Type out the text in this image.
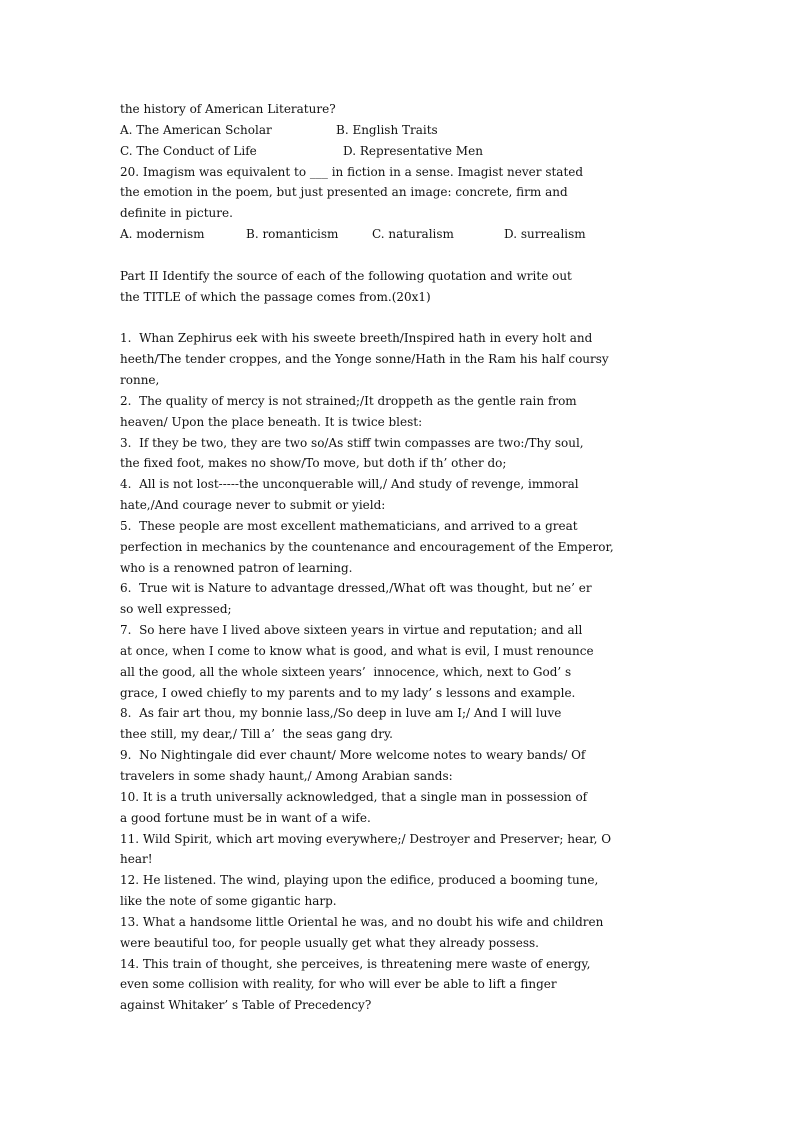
the history of American Literature?
A. The American Scholar	B. English Traits
C. The Conduct of Life	D. Representative Men
20. Imagism was equivalent to ___ in fiction in a sense. Imagist never stated
the emotion in the poem, but just presented an image: concrete, firm and
definite in picture.
A. modernism	B. romanticism	C. naturalism	D. surrealism
Part II Identify the source of each of the following quotation and write out
the TITLE of which the passage comes from.(20x1)
1.  Whan Zephirus eek with his sweete breeth/Inspired hath in every holt and
heeth/The tender croppes, and the Yonge sonne/Hath in the Ram his half coursy
ronne,
2.  The quality of mercy is not strained;/It droppeth as the gentle rain from
heaven/ Upon the place beneath. It is twice blest:
3.  If they be two, they are two so/As stiff twin compasses are two:/Thy soul,
the fixed foot, makes no show/To move, but doth if th’ other do;
4.  All is not lost-----the unconquerable will,/ And study of revenge, immoral
hate,/And courage never to submit or yield:
5.  These people are most excellent mathematicians, and arrived to a great
perfection in mechanics by the countenance and encouragement of the Emperor,
who is a renowned patron of learning.
6.  True wit is Nature to advantage dressed,/What oft was thought, but ne’ er
so well expressed;
7.  So here have I lived above sixteen years in virtue and reputation; and all
at once, when I come to know what is good, and what is evil, I must renounce
all the good, all the whole sixteen years’  innocence, which, next to God’ s
grace, I owed chiefly to my parents and to my lady’ s lessons and example.
8.  As fair art thou, my bonnie lass,/So deep in luve am I;/ And I will luve
thee still, my dear,/ Till a’  the seas gang dry.
9.  No Nightingale did ever chaunt/ More welcome notes to weary bands/ Of
travelers in some shady haunt,/ Among Arabian sands:
10. It is a truth universally acknowledged, that a single man in possession of
a good fortune must be in want of a wife.
11. Wild Spirit, which art moving everywhere;/ Destroyer and Preserver; hear, O
hear!
12. He listened. The wind, playing upon the edifice, produced a booming tune,
like the note of some gigantic harp.
13. What a handsome little Oriental he was, and no doubt his wife and children
were beautiful too, for people usually get what they already possess.
14. This train of thought, she perceives, is threatening mere waste of energy,
even some collision with reality, for who will ever be able to lift a finger
against Whitaker’ s Table of Precedency?
